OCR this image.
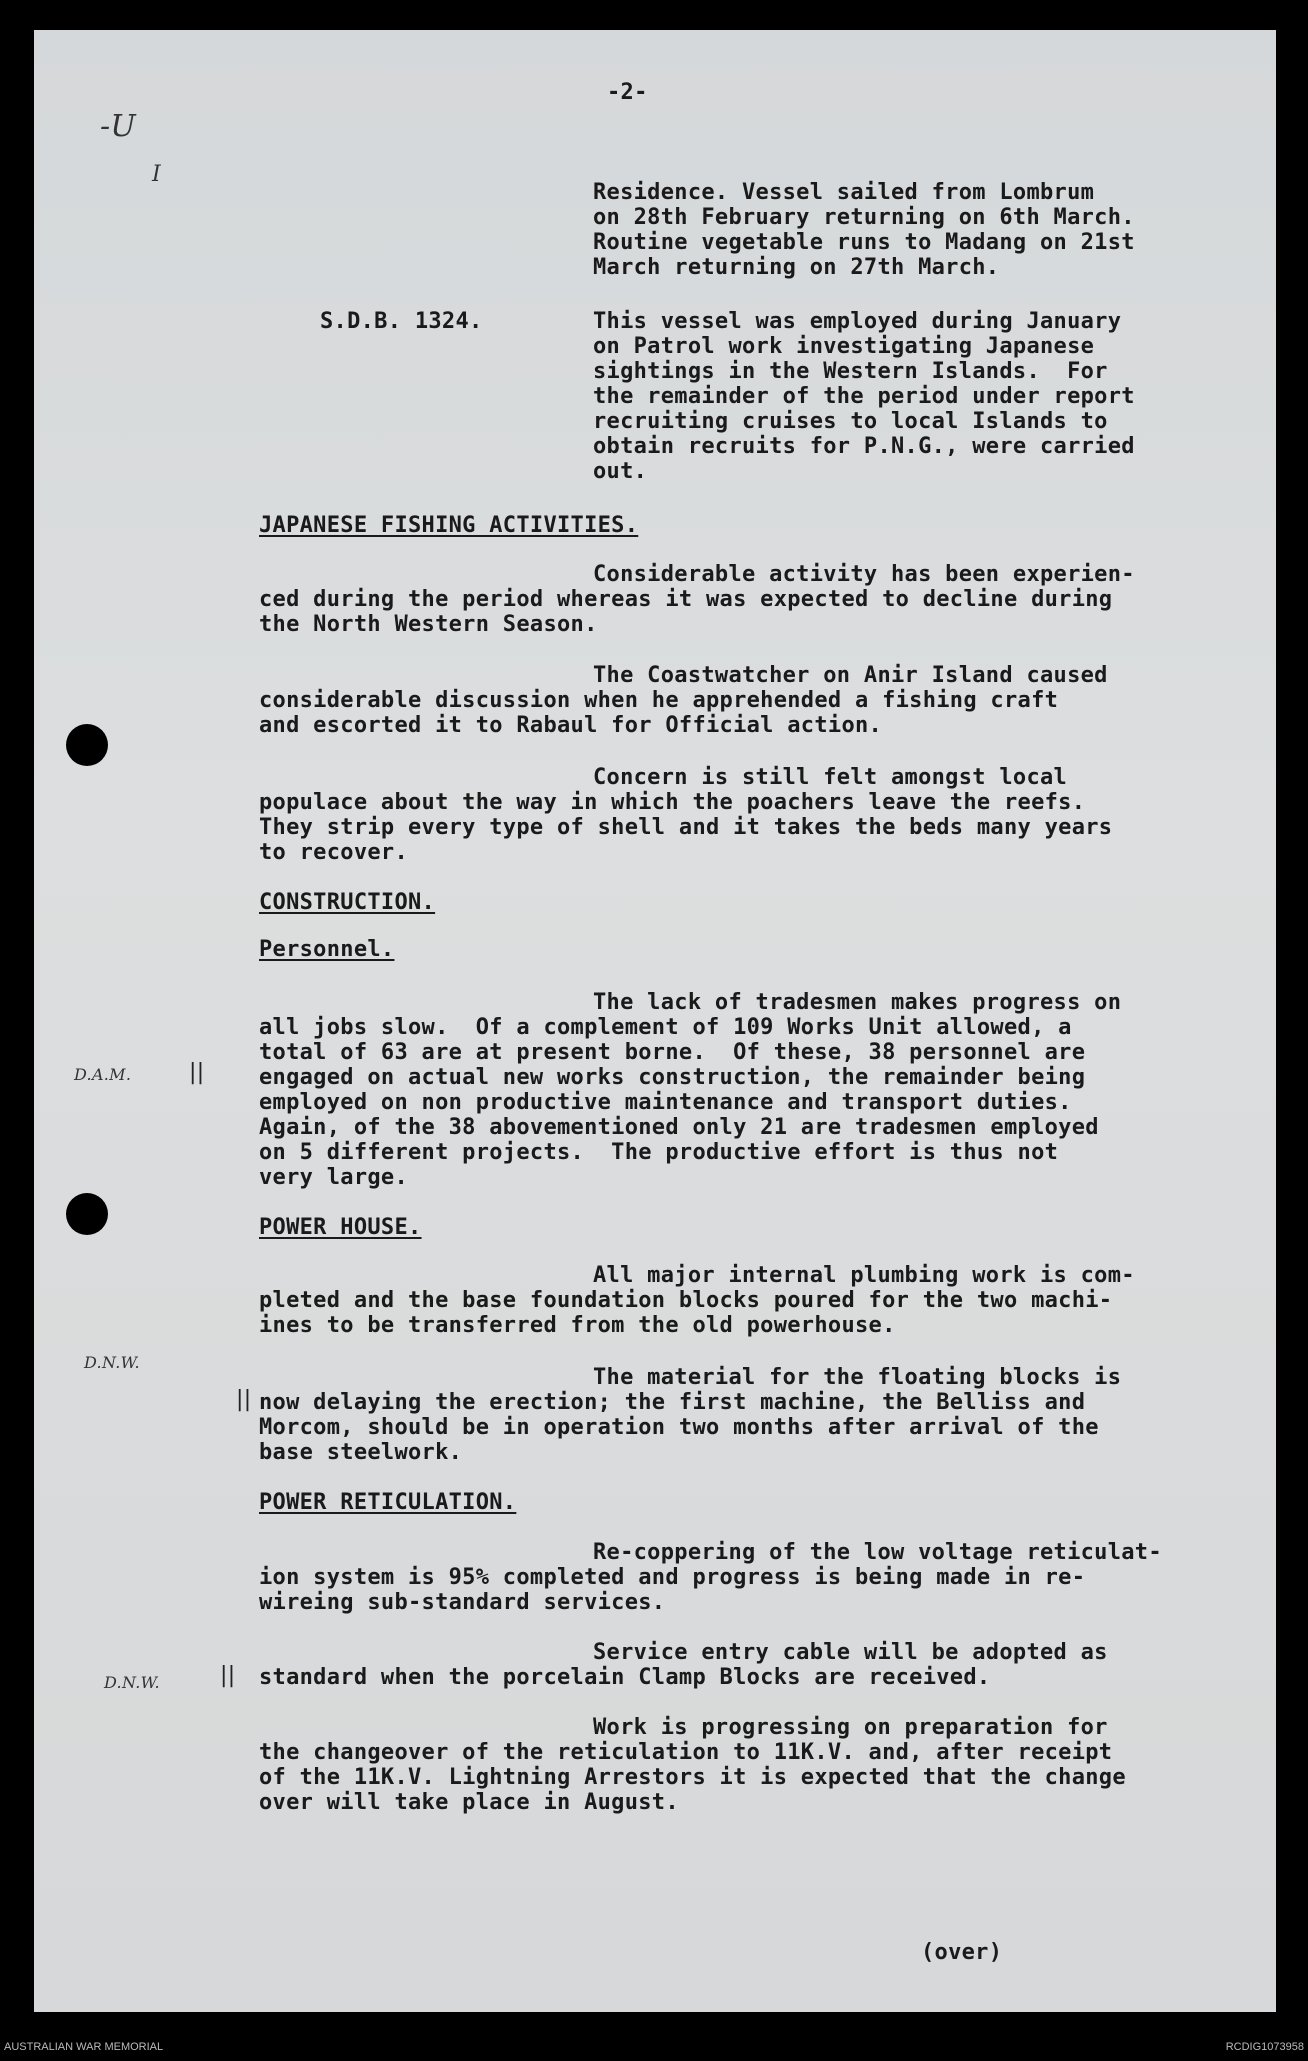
-2-
-U
I
Residence. Vessel sailed from Lombrum
on 28th February returning on 6th March.
Routine vegetable runs to Madang on 21st
March returning on 27th March.
S.D.B. 1324.	This vessel was employed during January
on Patrol work investigating Japanese
sightings in the Western Islands.  For
the remainder of the period under report
recruiting cruises to local Islands to
obtain recruits for P.N.G., were carried
out.
JAPANESE FISHING ACTIVITIES.
Considerable activity has been experien-
ced during the period whereas it was expected to decline during
the North Western Season.
The Coastwatcher on Anir Island caused
considerable discussion when he apprehended a fishing craft
and escorted it to Rabaul for Official action.
Concern is still felt amongst local
populace about the way in which the poachers leave the reefs.
They strip every type of shell and it takes the beds many years
to recover.
CONSTRUCTION.
Personnel.
The lack of tradesmen makes progress on
all jobs slow.  Of a complement of 109 Works Unit allowed, a
total of 63 are at present borne.  Of these, 38 personnel are
engaged on actual new works construction, the remainder being
employed on non productive maintenance and transport duties.
Again, of the 38 abovementioned only 21 are tradesmen employed
on 5 different projects.  The productive effort is thus not
very large.
D.A.M.	||
POWER HOUSE.
All major internal plumbing work is com-
pleted and the base foundation blocks poured for the two machi-
ines to be transferred from the old powerhouse.
D.N.W.
The material for the floating blocks is
|| now delaying the erection; the first machine, the Belliss and
Morcom, should be in operation two months after arrival of the
base steelwork.
POWER RETICULATION.
Re-coppering of the low voltage reticulat-
ion system is 95% completed and progress is being made in re-
wireing sub-standard services.
Service entry cable will be adopted as
standard when the porcelain Clamp Blocks are received.
D.N.W.	||
Work is progressing on preparation for
the changeover of the reticulation to 11K.V. and, after receipt
of the 11K.V. Lightning Arrestors it is expected that the change
over will take place in August.
(over)
AUSTRALIAN WAR MEMORIAL	RCDIG1073958
